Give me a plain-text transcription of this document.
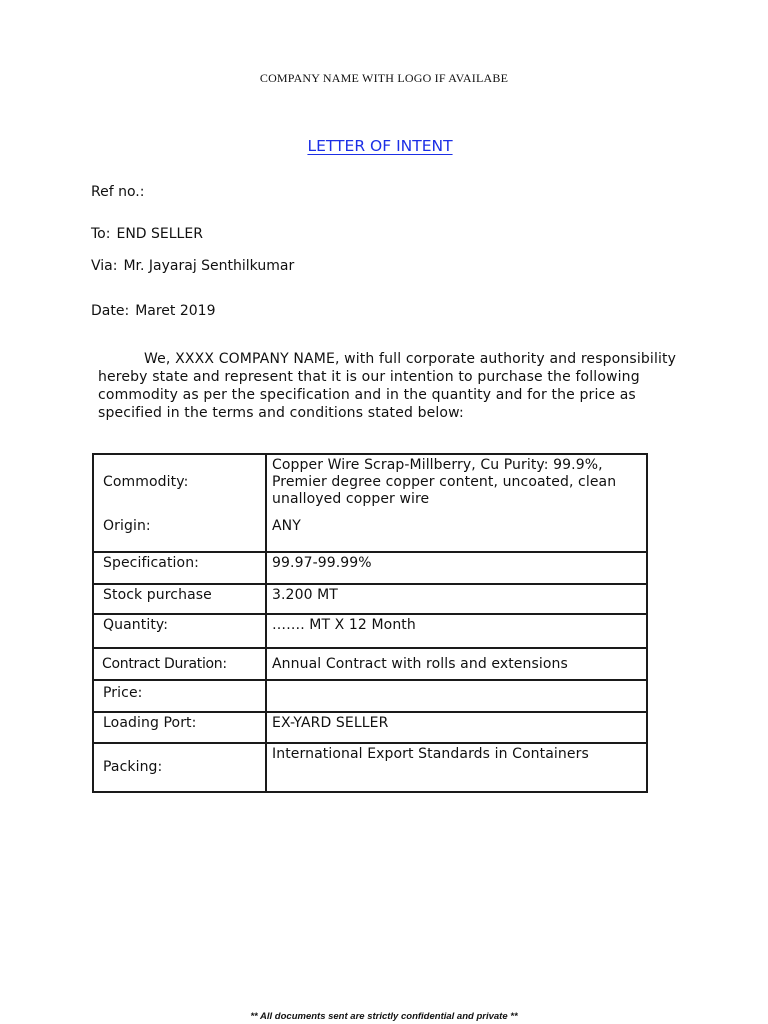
COMPANY NAME WITH LOGO IF AVAILABE
LETTER OF INTENT
Ref no.:
To: END SELLER
Via: Mr. Jayaraj Senthilkumar
Date: Maret 2019
We, XXXX COMPANY NAME, with full corporate authority and responsibility hereby state and represent that it is our intention to purchase the following commodity as per the specification and in the quantity and for the price as specified in the terms and conditions stated below:
Commodity:	Copper Wire Scrap-Millberry, Cu Purity: 99.9%, Premier degree copper content, uncoated, clean unalloyed copper wire
Origin:	ANY
Specification:	99.97-99.99%
Stock purchase	3.200 MT
Quantity:	……. MT X 12 Month
Contract Duration:	Annual Contract with rolls and extensions
Price:	
Loading Port:	EX-YARD SELLER
Packing:	International Export Standards in Containers
** All documents sent are strictly confidential and private **
